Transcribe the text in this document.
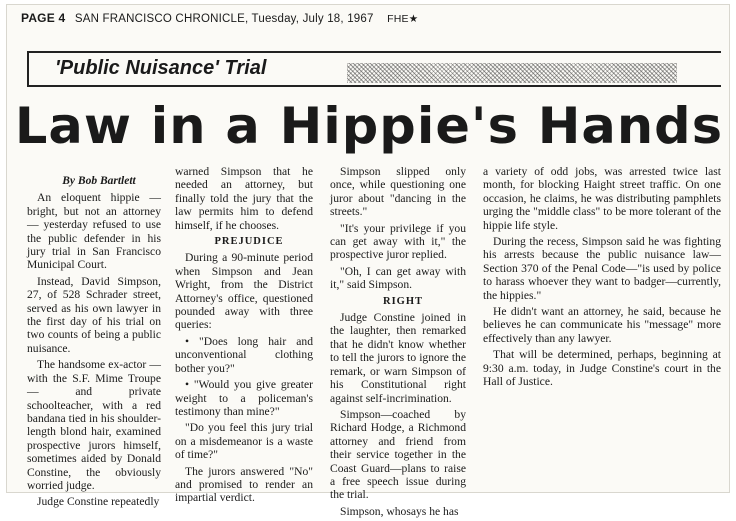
PAGE 4 SAN FRANCISCO CHRONICLE, Tuesday, July 18, 1967 FHE★
'Public Nuisance' Trial
Law in a Hippie's Hands

By Bob Bartlett

An eloquent hippie — bright, but not an attorney — yesterday refused to use the public defender in his jury trial in San Francisco Municipal Court.

Instead, David Simpson, 27, of 528 Schrader street, served as his own lawyer in the first day of his trial on two counts of being a public nuisance.

The handsome ex-actor — with the S.F. Mime Troupe — and private schoolteacher, with a red bandana tied in his shoulder-length blond hair, examined prospective jurors himself, sometimes aided by Donald Constine, the obviously worried judge.

Judge Constine repeatedly

warned Simpson that he needed an attorney, but finally told the jury that the law permits him to defend himself, if he chooses.

PREJUDICE

During a 90-minute period when Simpson and Jean Wright, from the District Attorney's office, questioned pounded away with three queries:

• "Does long hair and unconventional clothing bother you?"

• "Would you give greater weight to a policeman's testimony than mine?"

"Do you feel this jury trial on a misdemeanor is a waste of time?"

The jurors answered "No" and promised to render an impartial verdict.

Simpson slipped only once, while questioning one juror about "dancing in the streets."

"It's your privilege if you can get away with it," the prospective juror replied.

"Oh, I can get away with it," said Simpson.

RIGHT

Judge Constine joined in the laughter, then remarked that he didn't know whether to tell the jurors to ignore the remark, or warn Simpson of his Constitutional right against self-incrimination.

Simpson—coached by Richard Hodge, a Richmond attorney and friend from their service together in the Coast Guard—plans to raise a free speech issue during the trial.

Simpson, whosays he has

a variety of odd jobs, was arrested twice last month, for blocking Haight street traffic. On one occasion, he claims, he was distributing pamphlets urging the "middle class" to be more tolerant of the hippie life style.

During the recess, Simpson said he was fighting his arrests because the public nuisance law—Section 370 of the Penal Code—"is used by police to harass whoever they want to badger—currently, the hippies."

He didn't want an attorney, he said, because he believes he can communicate his "message" more effectively than any lawyer.

That will be determined, perhaps, beginning at 9:30 a.m. today, in Judge Constine's court in the Hall of Justice.
